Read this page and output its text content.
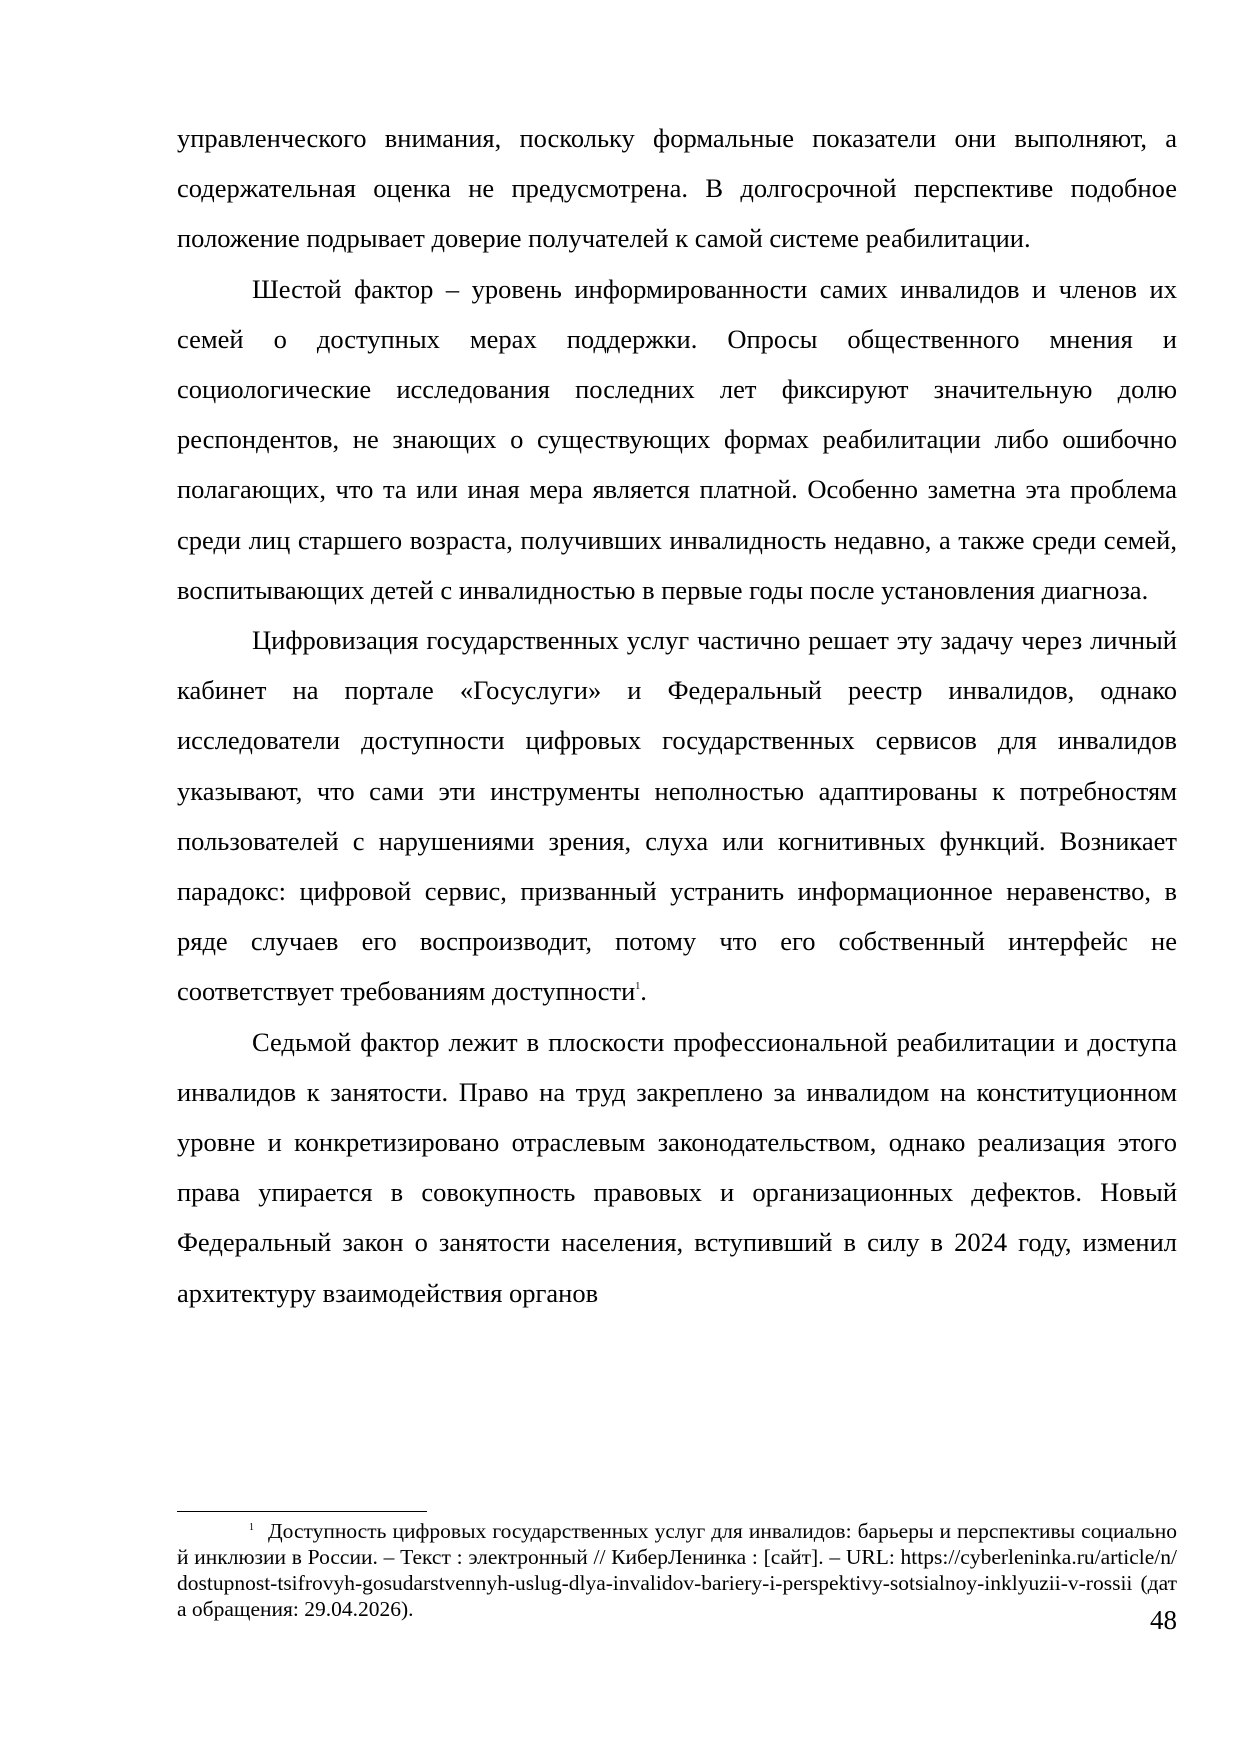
управленческого внимания, поскольку формальные показатели они выполняют, а содержательная оценка не предусмотрена. В долгосрочной перспективе подобное положение подрывает доверие получателей к самой системе реабилитации.

Шестой фактор – уровень информированности самих инвалидов и членов их семей о доступных мерах поддержки. Опросы общественного мнения и социологические исследования последних лет фиксируют значительную долю респондентов, не знающих о существующих формах реабилитации либо ошибочно полагающих, что та или иная мера является платной. Особенно заметна эта проблема среди лиц старшего возраста, получивших инвалидность недавно, а также среди семей, воспитывающих детей с инвалидностью в первые годы после установления диагноза.

Цифровизация государственных услуг частично решает эту задачу через личный кабинет на портале «Госуслуги» и Федеральный реестр инвалидов, однако исследователи доступности цифровых государственных сервисов для инвалидов указывают, что сами эти инструменты неполностью адаптированы к потребностям пользователей с нарушениями зрения, слуха или когнитивных функций. Возникает парадокс: цифровой сервис, призванный устранить информационное неравенство, в ряде случаев его воспроизводит, потому что его собственный интерфейс не соответствует требованиям доступности$^1$.

Седьмой фактор лежит в плоскости профессиональной реабилитации и доступа инвалидов к занятости. Право на труд закреплено за инвалидом на конституционном уровне и конкретизировано отраслевым законодательством, однако реализация этого права упирается в совокупность правовых и организационных дефектов. Новый Федеральный закон о занятости населения, вступивший в силу в 2024 году, изменил архитектуру взаимодействия органов

$^1$ Доступность цифровых государственных услуг для инвалидов: барьеры и перспективы социальной инклюзии в России. – Текст : электронный // КиберЛенинка : [сайт]. – URL: https://cyberleninka.ru/article/n/dostupnost-tsifrovyh-gosudarstvennyh-uslug-dlya-invalidov-bariery-i-perspektivy-sotsialnoy-inklyuzii-v-rossii (дата обращения: 29.04.2026).	48
